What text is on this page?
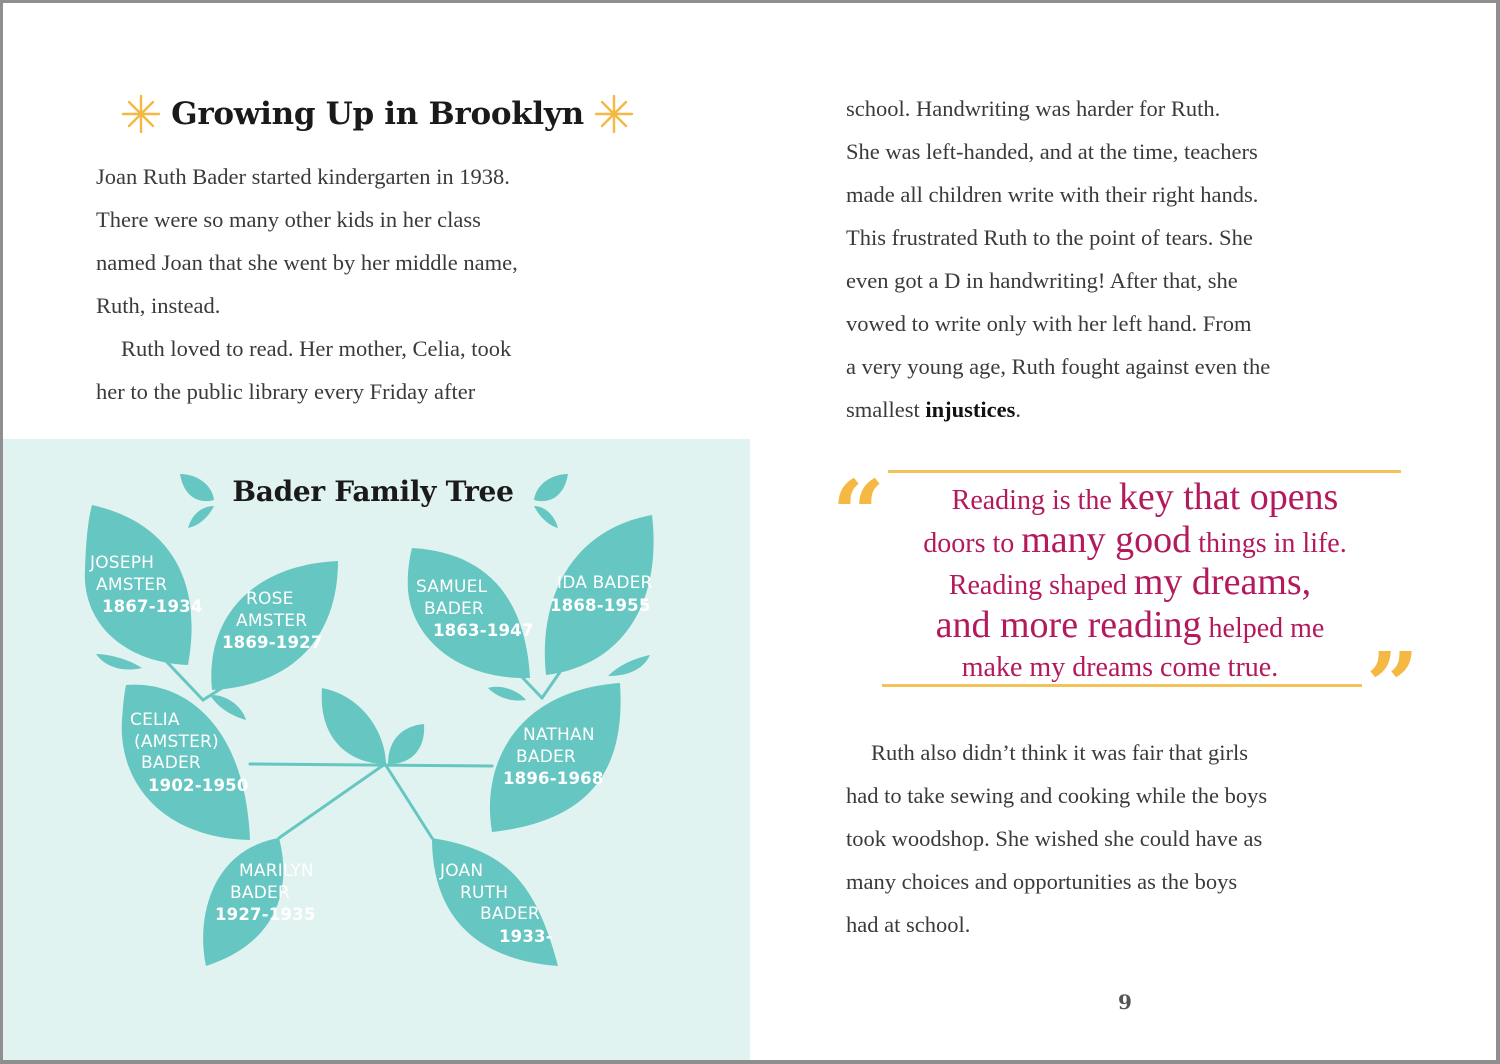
Growing Up in Brooklyn

Joan Ruth Bader started kindergarten in 1938.
There were so many other kids in her class
named Joan that she went by her middle name,
Ruth, instead.

Ruth loved to read. Her mother, Celia, took
her to the public library every Friday after

Bader Family Tree
JOSEPH
AMSTER
1867-1934	ROSE
AMSTER
1869-1927
SAMUEL
BADER
1863-1947
IDA BADER
1868-1955
CELIA
(AMSTER)
BADER
1902-1950
NATHAN
BADER
1896-1968
MARILYN
BADER
1927-1935
JOAN
RUTH
BADER
1933-

school. Handwriting was harder for Ruth.
She was left-handed, and at the time, teachers
made all children write with their right hands.
This frustrated Ruth to the point of tears. She
even got a D in handwriting! After that, she
vowed to write only with her left hand. From
a very young age, Ruth fought against even the
smallest injustices.

“
”
Reading is the key that opens
doors to many good things in life.
Reading shaped my dreams,
and more reading helped me
make my dreams come true.

Ruth also didn’t think it was fair that girls
had to take sewing and cooking while the boys
took woodshop. She wished she could have as
many choices and opportunities as the boys
had at school.

9
